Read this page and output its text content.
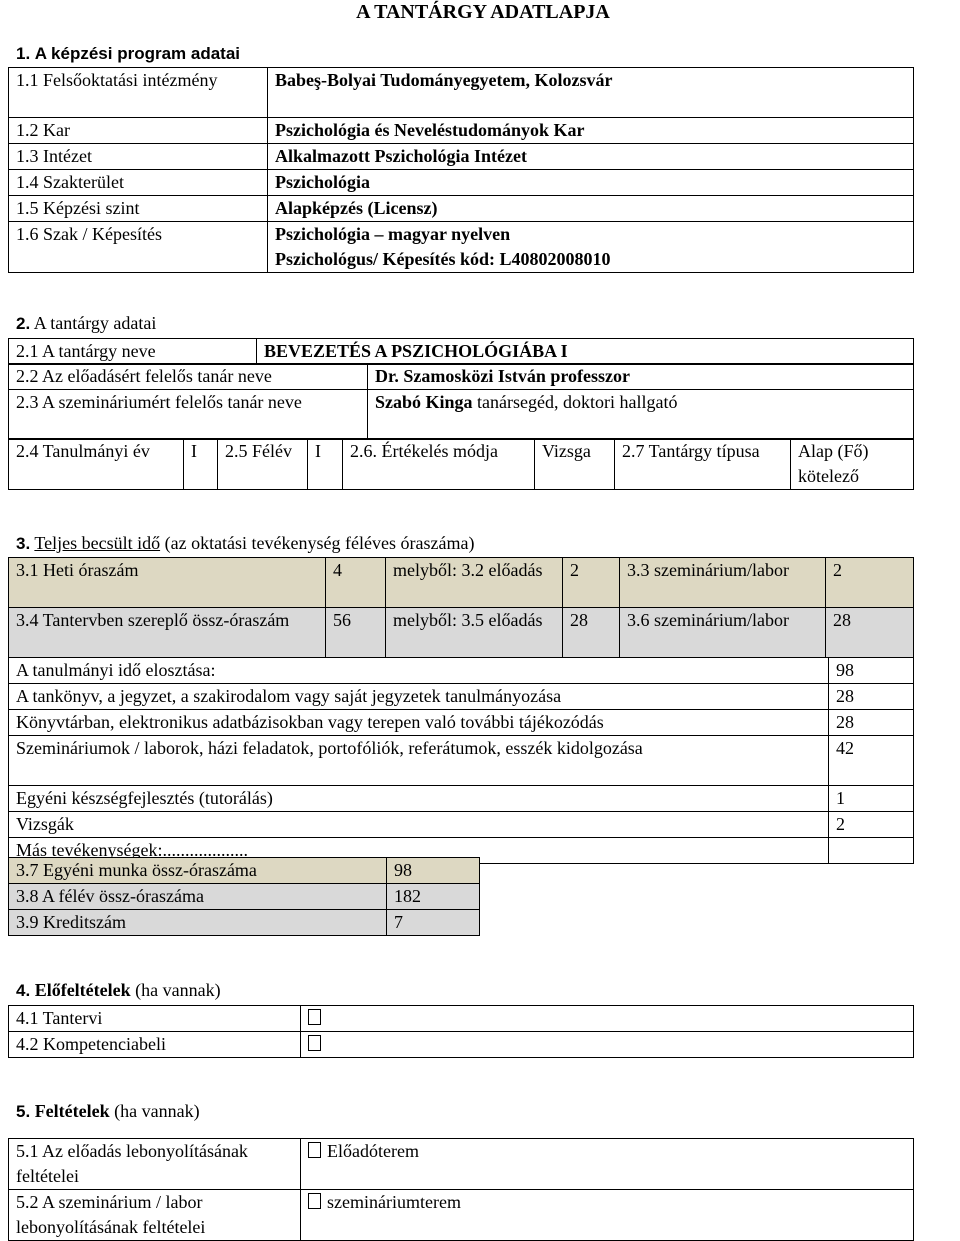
A TANTÁRGY ADATLAPJA
1. A képzési program adatai
1.1 Felsőoktatási intézmény	Babeş-Bolyai Tudományegyetem, Kolozsvár
1.2 Kar	Pszichológia és Neveléstudományok Kar
1.3 Intézet	Alkalmazott Pszichológia Intézet
1.4 Szakterület	Pszichológia
1.5 Képzési szint	Alapképzés (Licensz)
1.6 Szak / Képesítés	Pszichológia – magyar nyelven
Pszichológus/ Képesítés kód: L40802008010
2. A tantárgy adatai
2.1 A tantárgy neve	BEVEZETÉS A PSZICHOLÓGIÁBA I
2.2 Az előadásért felelős tanár neve	Dr. Szamosközi István professzor
2.3 A szemináriumért felelős tanár neve	Szabó Kinga tanársegéd, doktori hallgató
2.4 Tanulmányi év	I	2.5 Félév	I	2.6. Értékelés módja	Vizsga	2.7 Tantárgy típusa	Alap (Fő) kötelező
3. Teljes becsült idő (az oktatási tevékenység féléves óraszáma)
3.1 Heti óraszám	4	melyből: 3.2 előadás	2	3.3 szeminárium/labor	2
3.4 Tantervben szereplő össz-óraszám	56	melyből: 3.5 előadás	28	3.6 szeminárium/labor	28
A tanulmányi idő elosztása:	98
A tankönyv, a jegyzet, a szakirodalom vagy saját jegyzetek tanulmányozása	28
Könyvtárban, elektronikus adatbázisokban vagy terepen való további tájékozódás	28
Szemináriumok / laborok, házi feladatok, portofóliók, referátumok, esszék kidolgozása	42
Egyéni készségfejlesztés (tutorálás)	1
Vizsgák	2
Más tevékenységek:...................	
3.7 Egyéni munka össz-óraszáma	98
3.8 A félév össz-óraszáma	182
3.9 Kreditszám	7
4. Előfeltételek (ha vannak)
4.1 Tantervi	
4.2 Kompetenciabeli	
5. Feltételek (ha vannak)
5.1 Az előadás lebonyolításának feltételei	Előadóterem
5.2 A szeminárium / labor lebonyolításának feltételei	szemináriumterem
